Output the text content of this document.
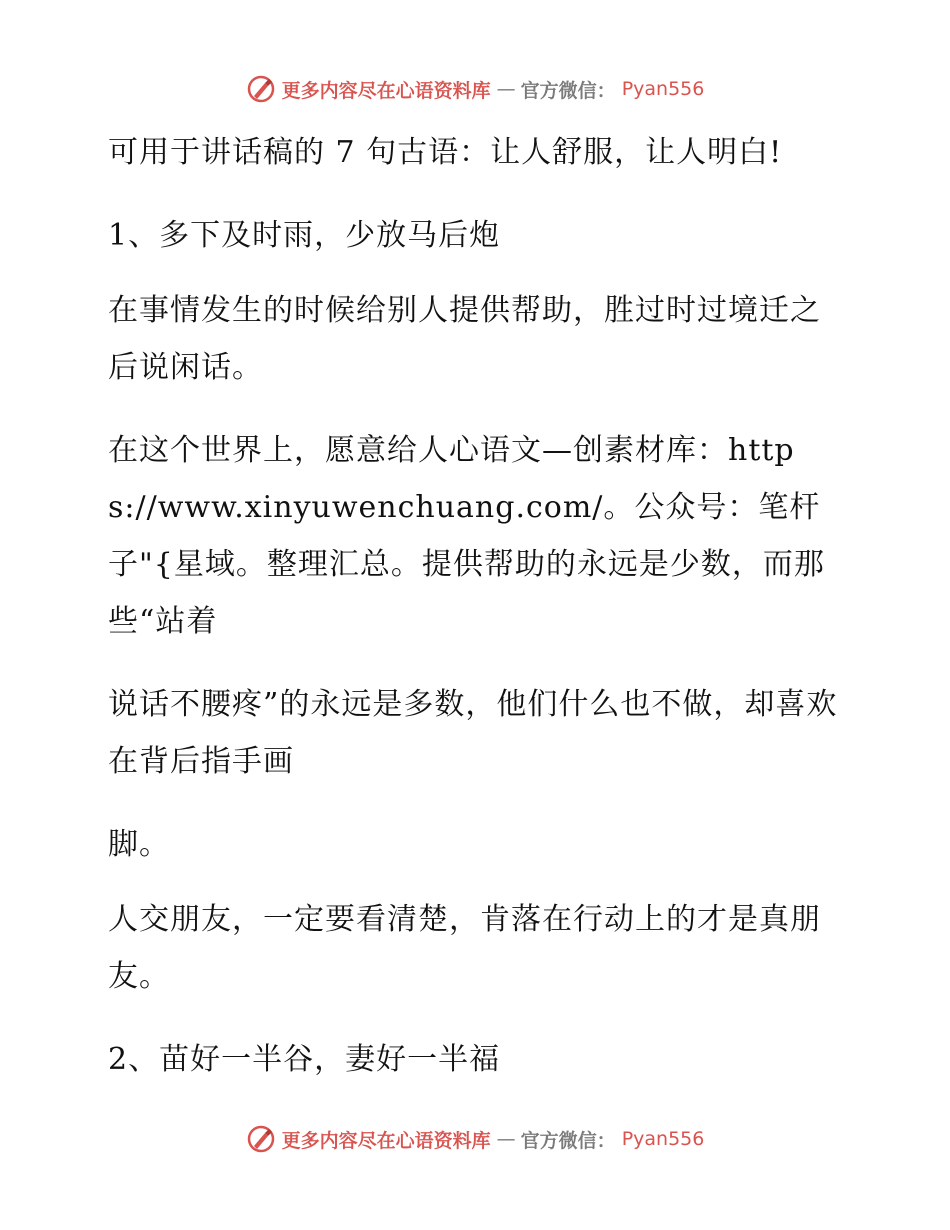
更多内容尽在心语资料库 — 官方微信： Pyan556

可用于讲话稿的 7 句古语：让人舒服，让人明白!

1、多下及时雨，少放马后炮

在事情发生的时候给别人提供帮助，胜过时过境迁之后说闲话。

在这个世界上，愿意给人心语文—创素材库：https://www.xinyuwenchuang.com/。公众号：笔杆子"{星域。整理汇总。提供帮助的永远是少数，而那些“站着

说话不腰疼”的永远是多数，他们什么也不做，却喜欢在背后指手画

脚。

人交朋友，一定要看清楚，肯落在行动上的才是真朋友。

2、苗好一半谷，妻好一半福

更多内容尽在心语资料库 — 官方微信： Pyan556
